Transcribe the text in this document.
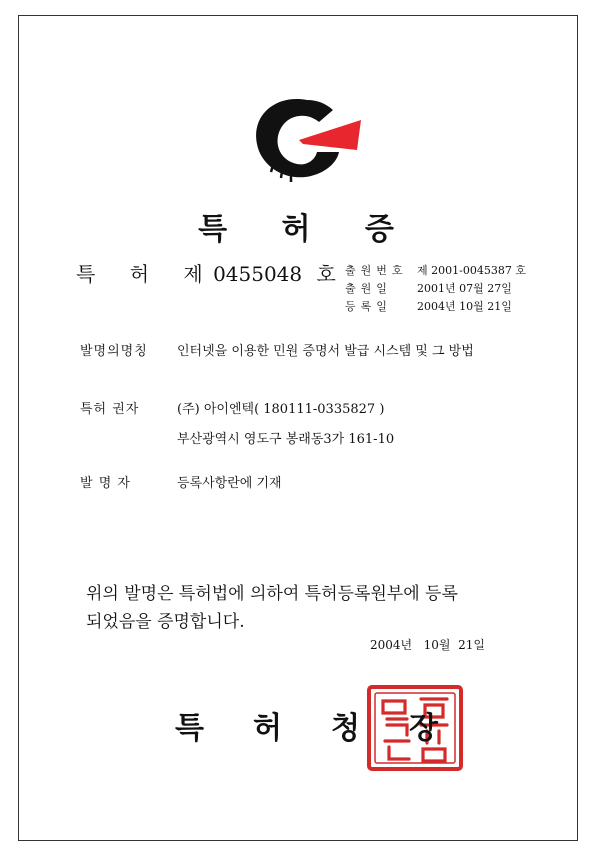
특 허 증
특 허 제 0455048 호 출원번호 제 2001-0045387 호
출원일	2001년 07월 27일
등록일	2004년 10월 21일
발명의명칭 인터넷을 이용한 민원 증명서 발급 시스템 및 그 방법
특허 권자	(주) 아이엔텍( 180111-0335827 )
부산광역시 영도구 봉래동3가 161-10
발 명 자	등록사항란에 기재
위의 발명은 특허법에 의하여 특허등록원부에 등록
되었음을 증명합니다.
2004년   10월  21일
특 허 청 장
